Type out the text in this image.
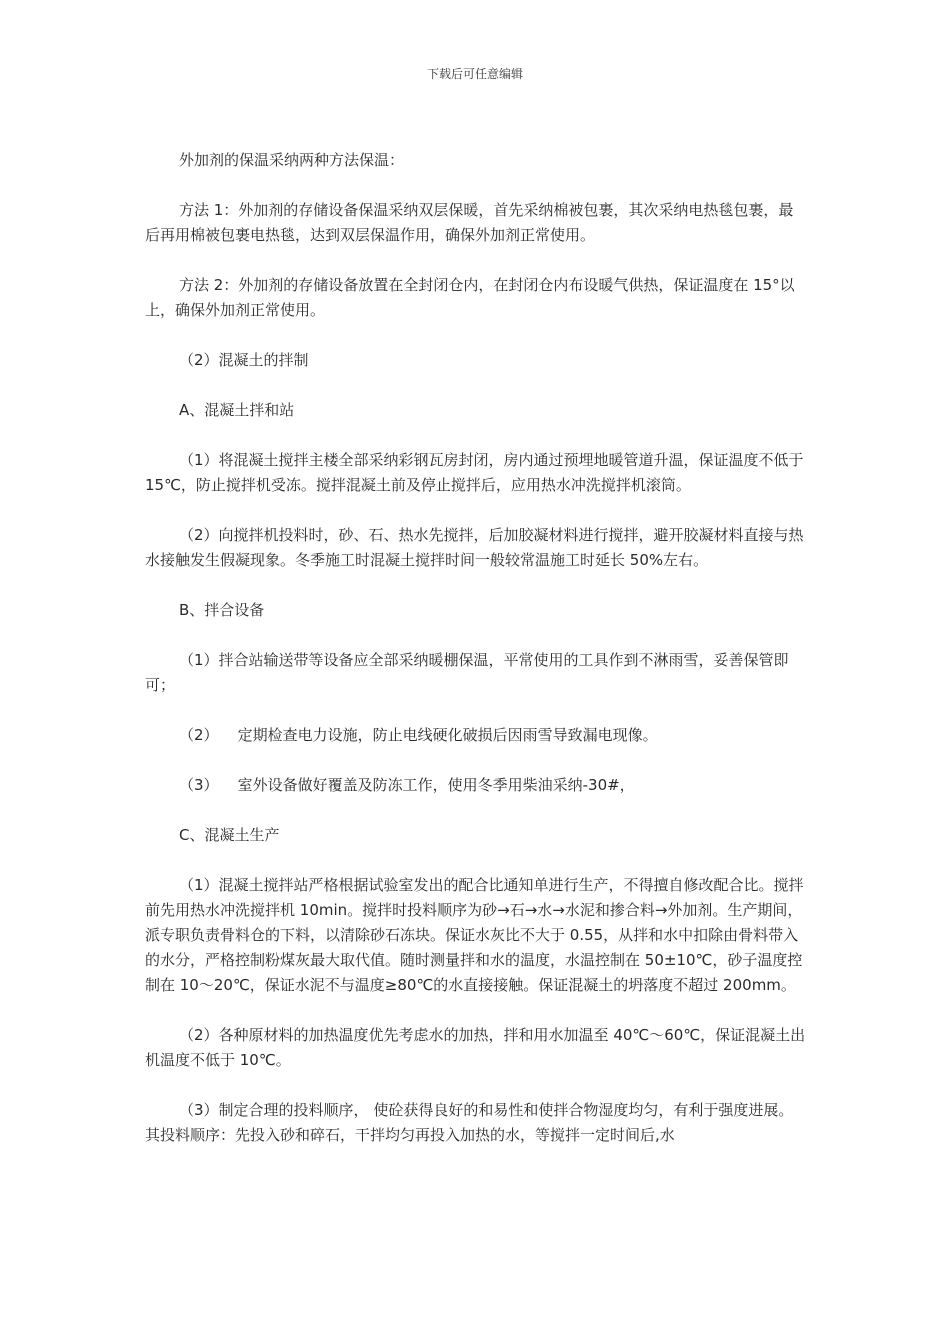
下载后可任意编辑

外加剂的保温采纳两种方法保温：

方法 1：外加剂的存储设备保温采纳双层保暖，首先采纳棉被包裹，其次采纳电热毯包裹，最后再用棉被包裹电热毯，达到双层保温作用，确保外加剂正常使用。

方法 2：外加剂的存储设备放置在全封闭仓内，在封闭仓内布设暖气供热，保证温度在 15°以上，确保外加剂正常使用。

（2）混凝土的拌制

A、混凝土拌和站

（1）将混凝土搅拌主楼全部采纳彩钢瓦房封闭，房内通过预埋地暖管道升温，保证温度不低于 15℃，防止搅拌机受冻。搅拌混凝土前及停止搅拌后，应用热水冲洗搅拌机滚筒。

（2）向搅拌机投料时，砂、石、热水先搅拌，后加胶凝材料进行搅拌，避开胶凝材料直接与热水接触发生假凝现象。冬季施工时混凝土搅拌时间一般较常温施工时延长 50%左右。

B、拌合设备

（1）拌合站输送带等设备应全部采纳暖棚保温，平常使用的工具作到不淋雨雪，妥善保管即可；

（2）    定期检查电力设施，防止电线硬化破损后因雨雪导致漏电现像。

（3）    室外设备做好覆盖及防冻工作，使用冬季用柴油采纳-30#，

C、混凝土生产

（1）混凝土搅拌站严格根据试验室发出的配合比通知单进行生产，不得擅自修改配合比。搅拌前先用热水冲洗搅拌机 10min。搅拌时投料顺序为砂→石→水→水泥和掺合料→外加剂。生产期间，派专职负责骨料仓的下料，以清除砂石冻块。保证水灰比不大于 0.55，从拌和水中扣除由骨料带入的水分，严格控制粉煤灰最大取代值。随时测量拌和水的温度，水温控制在 50±10℃，砂子温度控制在 10～20℃，保证水泥不与温度≥80℃的水直接接触。保证混凝土的坍落度不超过 200mm。

（2）各种原材料的加热温度优先考虑水的加热，拌和用水加温至 40℃～60℃，保证混凝土出机温度不低于 10℃。

（3）制定合理的投料顺序， 使砼获得良好的和易性和使拌合物湿度均匀，有利于强度进展。其投料顺序：先投入砂和碎石，干拌均匀再投入加热的水，等搅拌一定时间后,水
